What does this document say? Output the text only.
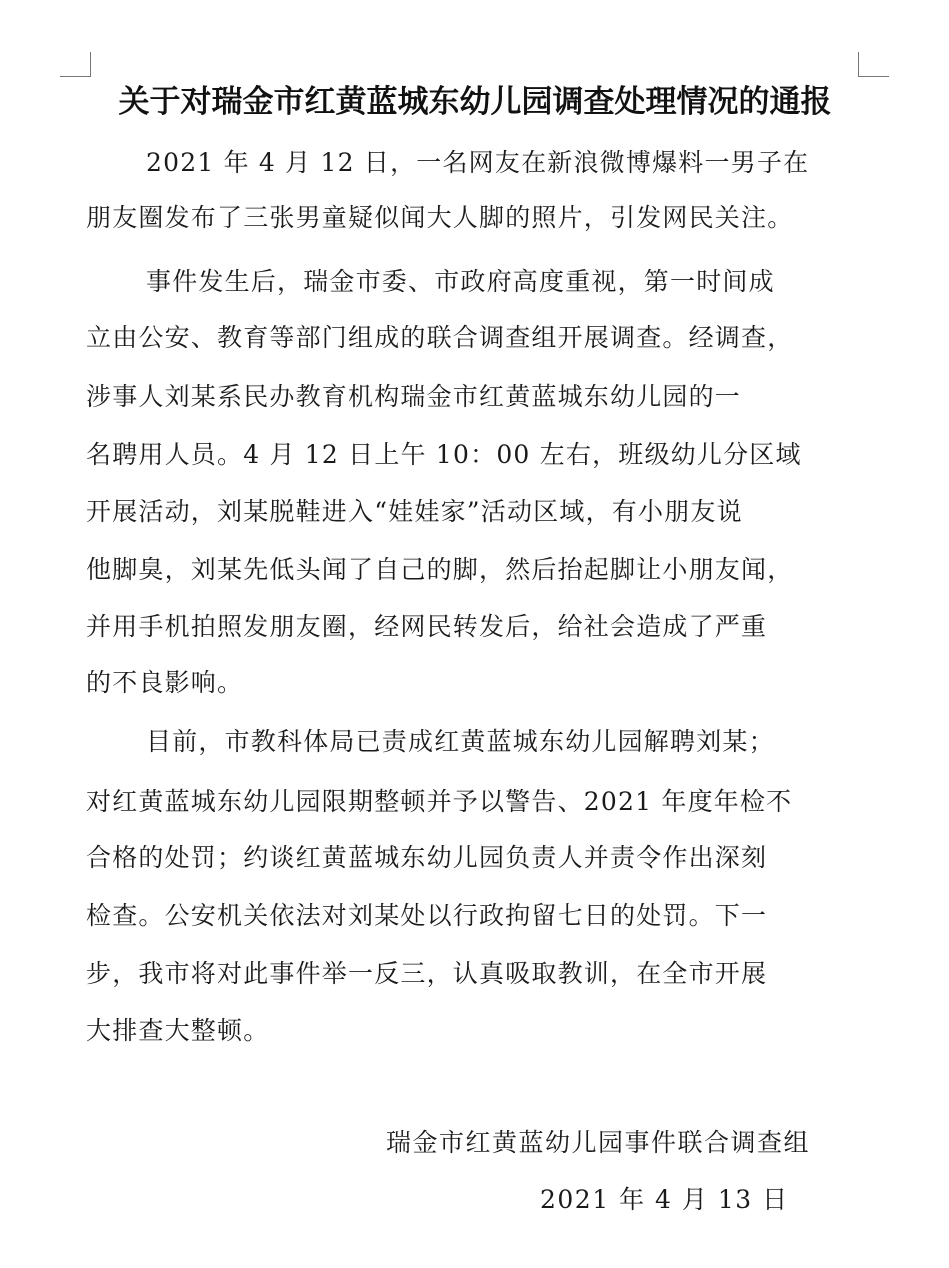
关于对瑞金市红黄蓝城东幼儿园调查处理情况的通报
2021 年 4 月 12 日，一名网友在新浪微博爆料一男子在
朋友圈发布了三张男童疑似闻大人脚的照片，引发网民关注。
事件发生后，瑞金市委、市政府高度重视，第一时间成
立由公安、教育等部门组成的联合调查组开展调查。经调查，
涉事人刘某系民办教育机构瑞金市红黄蓝城东幼儿园的一
名聘用人员。4 月 12 日上午 10：00 左右，班级幼儿分区域
开展活动，刘某脱鞋进入“娃娃家”活动区域，有小朋友说
他脚臭，刘某先低头闻了自己的脚，然后抬起脚让小朋友闻，
并用手机拍照发朋友圈，经网民转发后，给社会造成了严重
的不良影响。
目前，市教科体局已责成红黄蓝城东幼儿园解聘刘某；
对红黄蓝城东幼儿园限期整顿并予以警告、2021 年度年检不
合格的处罚；约谈红黄蓝城东幼儿园负责人并责令作出深刻
检查。公安机关依法对刘某处以行政拘留七日的处罚。下一
步，我市将对此事件举一反三，认真吸取教训，在全市开展
大排查大整顿。
瑞金市红黄蓝幼儿园事件联合调查组
2021 年 4 月 13 日
